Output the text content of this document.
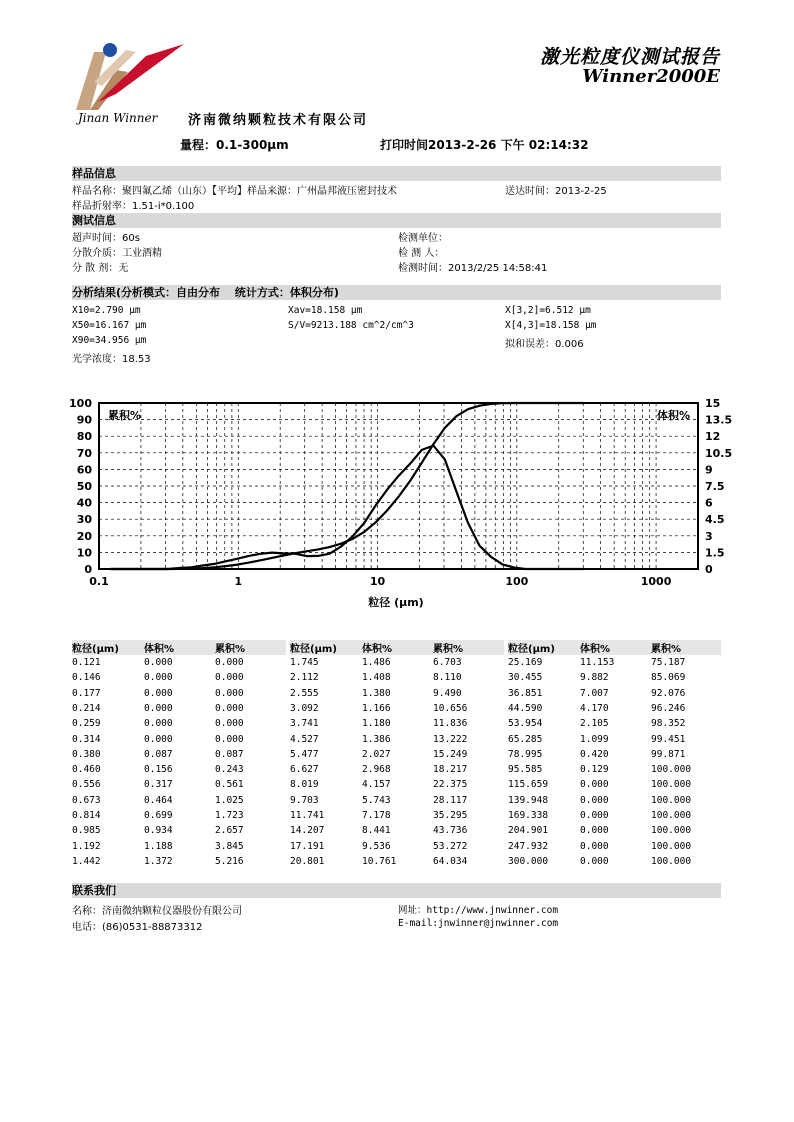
Jinan Winner 济南微纳颗粒技术有限公司
激光粒度仪测试报告
Winner2000E
量程：0.1-300μm	打印时间2013-2-26 下午 02:14:32
样品信息
样品名称：聚四氟乙烯（山东）【平均】样品来源：广州晶邦液压密封技术	送达时间：2013-2-25
样品折射率：1.51-i*0.100
测试信息
超声时间：60s
分散介质：工业酒精
分 散 剂：无
检测单位：
检 测 人：
检测时间：2013/2/25 14:58:41
分析结果(分析模式：自由分布　 统计方式：体积分布)
X10=2.790 μm
X50=16.167 μm
X90=34.956 μm
光学浓度：18.53
Xav=18.158 μm
S/V=9213.188 cm^2/cm^3
X[3,2]=6.512 μm
X[4,3]=18.158 μm
拟和误差：0.006
0
10
20
30
40
50
60
70
80
90
100
0
1.5
3
4.5
6
7.5
9
10.5
12
13.5
15
0.1	1	10	100	1000
累积%	体积%
粒径 (μm)
粒径(μm)	体积%	累积%	粒径(μm)	体积%	累积%	粒径(μm)	体积%	累积%
0.121	0.000	0.000
0.146	0.000	0.000
0.177	0.000	0.000
0.214	0.000	0.000
0.259	0.000	0.000
0.314	0.000	0.000
0.380	0.087	0.087
0.460	0.156	0.243
0.556	0.317	0.561
0.673	0.464	1.025
0.814	0.699	1.723
0.985	0.934	2.657
1.192	1.188	3.845
1.442	1.372	5.216
1.745	1.486	6.703
2.112	1.408	8.110
2.555	1.380	9.490
3.092	1.166	10.656
3.741	1.180	11.836
4.527	1.386	13.222
5.477	2.027	15.249
6.627	2.968	18.217
8.019	4.157	22.375
9.703	5.743	28.117
11.741	7.178	35.295
14.207	8.441	43.736
17.191	9.536	53.272
20.801	10.761	64.034
25.169	11.153	75.187
30.455	9.882	85.069
36.851	7.007	92.076
44.590	4.170	96.246
53.954	2.105	98.352
65.285	1.099	99.451
78.995	0.420	99.871
95.585	0.129	100.000
115.659	0.000	100.000
139.948	0.000	100.000
169.338	0.000	100.000
204.901	0.000	100.000
247.932	0.000	100.000
300.000	0.000	100.000
联系我们
名称：济南微纳颗粒仪器股份有限公司
电话：(86)0531-88873312
网址：http://www.jnwinner.com
E-mail:jnwinner@jnwinner.com
